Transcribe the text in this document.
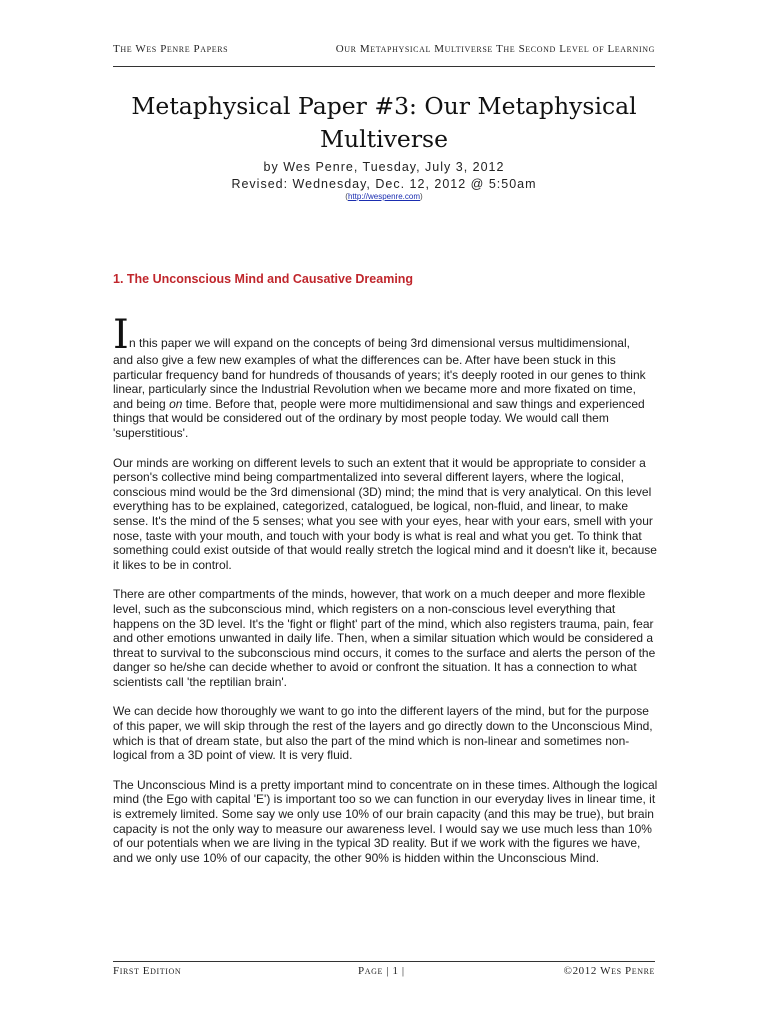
The Wes Penre Papers	Our Metaphysical Multiverse The Second Level of Learning
Metaphysical Paper #3: Our Metaphysical Multiverse
by Wes Penre, Tuesday, July 3, 2012
Revised: Wednesday, Dec. 12, 2012 @ 5:50am
(http://wespenre.com)
1. The Unconscious Mind and Causative Dreaming

I n this paper we will expand on the concepts of being 3rd dimensional versus multidimensional,
and also give a few new examples of what the differences can be. After have been stuck in this particular frequency band for hundreds of thousands of years; it's deeply rooted in our genes to think linear, particularly since the Industrial Revolution when we became more and more fixated on time, and being on time. Before that, people were more multidimensional and saw things and experienced things that would be considered out of the ordinary by most people today. We would call them 'superstitious'.

Our minds are working on different levels to such an extent that it would be appropriate to consider a person's collective mind being compartmentalized into several different layers, where the logical, conscious mind would be the 3rd dimensional (3D) mind; the mind that is very analytical. On this level everything has to be explained, categorized, catalogued, be logical, non-fluid, and linear, to make sense. It's the mind of the 5 senses; what you see with your eyes, hear with your ears, smell with your nose, taste with your mouth, and touch with your body is what is real and what you get. To think that something could exist outside of that would really stretch the logical mind and it doesn't like it, because it likes to be in control.

There are other compartments of the minds, however, that work on a much deeper and more flexible level, such as the subconscious mind, which registers on a non-conscious level everything that happens on the 3D level. It's the 'fight or flight' part of the mind, which also registers trauma, pain, fear and other emotions unwanted in daily life. Then, when a similar situation which would be considered a threat to survival to the subconscious mind occurs, it comes to the surface and alerts the person of the danger so he/she can decide whether to avoid or confront the situation. It has a connection to what scientists call 'the reptilian brain'.

We can decide how thoroughly we want to go into the different layers of the mind, but for the purpose of this paper, we will skip through the rest of the layers and go directly down to the Unconscious Mind, which is that of dream state, but also the part of the mind which is non-linear and sometimes non-logical from a 3D point of view. It is very fluid.

The Unconscious Mind is a pretty important mind to concentrate on in these times. Although the logical mind (the Ego with capital 'E') is important too so we can function in our everyday lives in linear time, it is extremely limited. Some say we only use 10% of our brain capacity (and this may be true), but brain capacity is not the only way to measure our awareness level. I would say we use much less than 10% of our potentials when we are living in the typical 3D reality. But if we work with the figures we have, and we only use 10% of our capacity, the other 90% is hidden within the Unconscious Mind.

First Edition	Page | 1 |	©2012 Wes Penre
